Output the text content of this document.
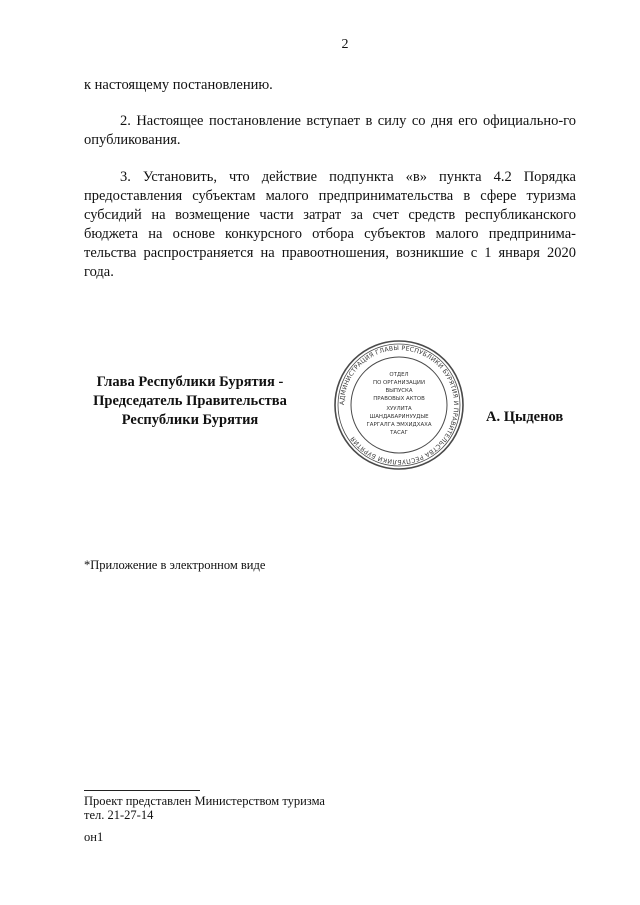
2
к настоящему постановлению.
2. Настоящее постановление вступает в силу со дня его официально-го опубликования.
3. Установить, что действие подпункта «в» пункта 4.2 Порядка предоставления субъектам малого предпринимательства в сфере туризма субсидий на возмещение части затрат за счет средств республиканского бюджета на основе конкурсного отбора субъектов малого предпринима-тельства распространяется на правоотношения, возникшие с 1 января 2020 года.
Глава Республики Бурятия -
Председатель Правительства
Республики Бурятия
АДМИНИСТРАЦИЯ ГЛАВЫ РЕСПУБЛИКИ БУРЯТИЯ И ПРАВИТЕЛЬСТВА РЕСПУБЛИКИ БУРЯТИЯ
ОТДЕЛ
ПО ОРГАНИЗАЦИИ
ВЫПУСКА
ПРАВОВЫХ АКТОВ
ХУУЛИТА
ШАНДАБАРИНУУДЫЕ
ГАРГАЛГА ЭМХИДХАХА
ТАСАГ
А. Цыденов
*Приложение в электронном виде
Проект представлен Министерством туризма
тел. 21-27-14
он1
